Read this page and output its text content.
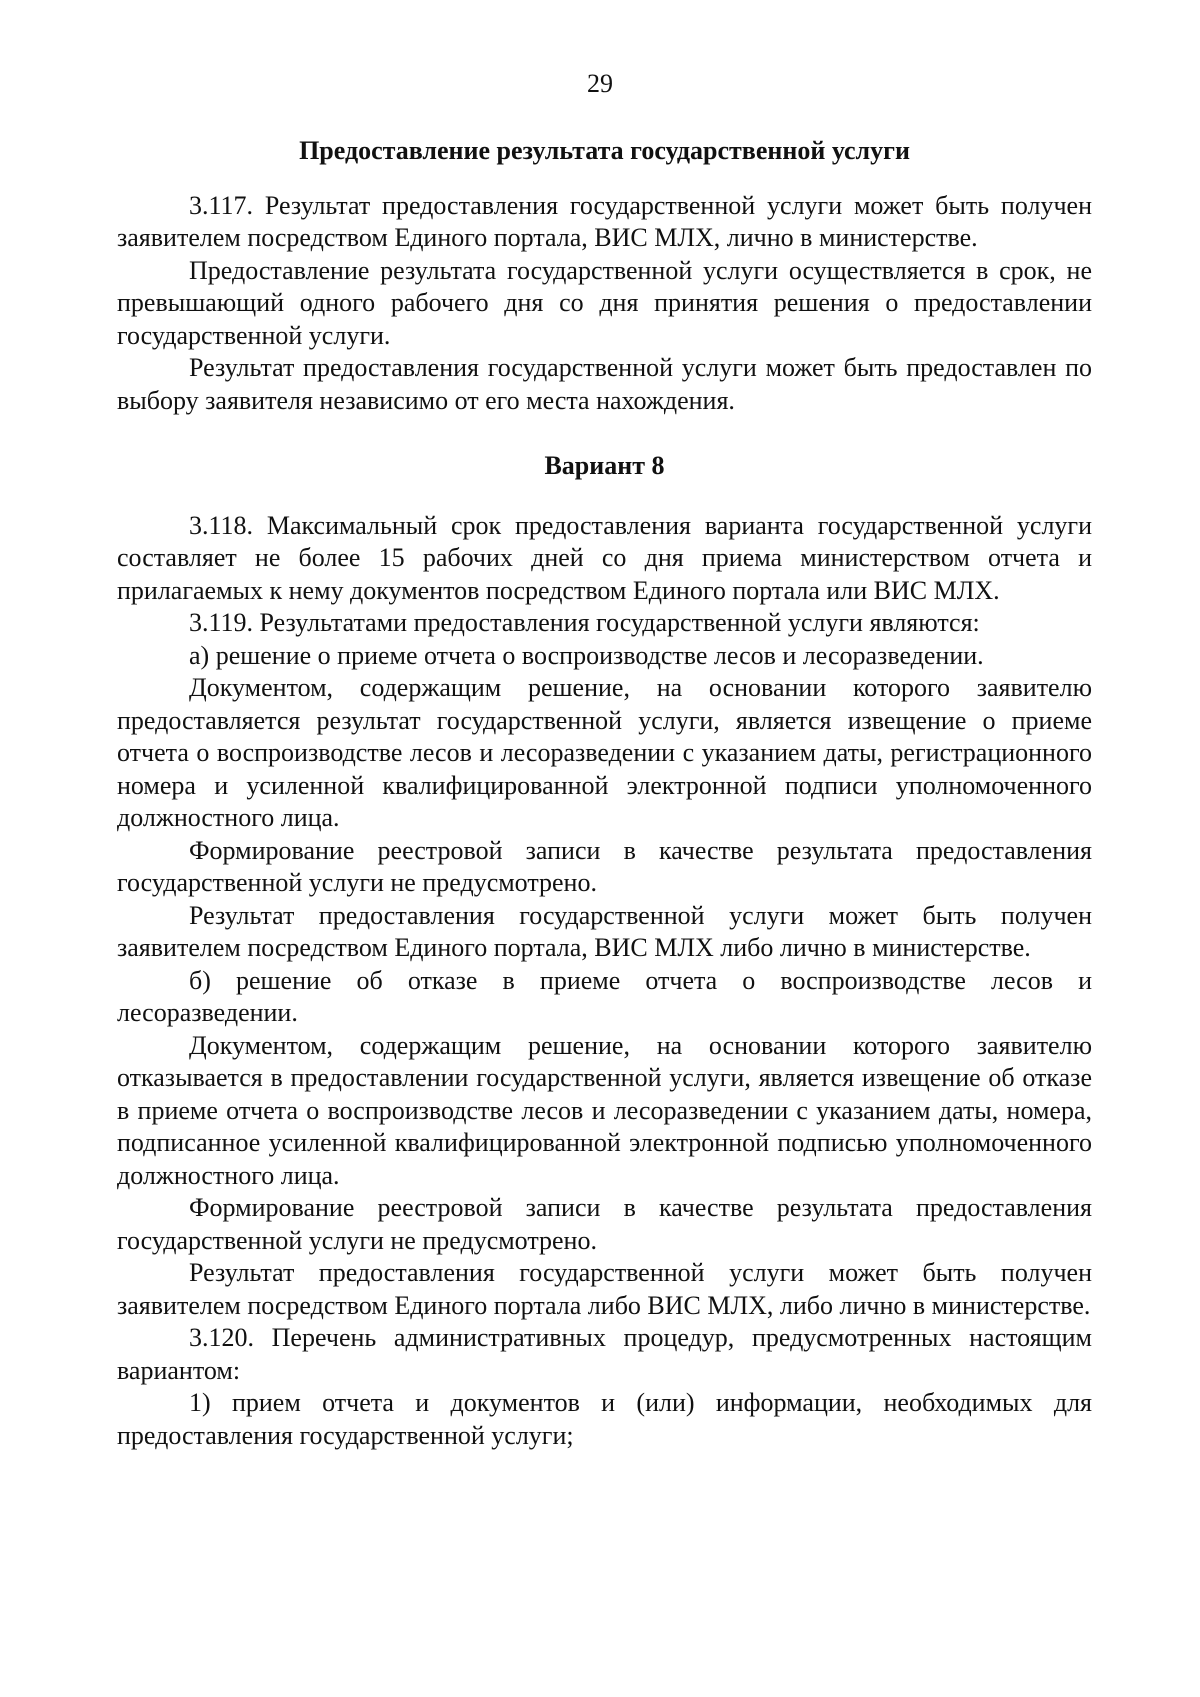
29

Предоставление результата государственной услуги

3.117. Результат предоставления государственной услуги может быть получен заявителем посредством Единого портала, ВИС МЛХ, лично в министерстве.

Предоставление результата государственной услуги осуществляется в срок, не превышающий одного рабочего дня со дня принятия решения о предоставлении государственной услуги.

Результат предоставления государственной услуги может быть предоставлен по выбору заявителя независимо от его места нахождения.

Вариант 8

3.118. Максимальный срок предоставления варианта государственной услуги составляет не более 15 рабочих дней со дня приема министерством отчета и прилагаемых к нему документов посредством Единого портала или ВИС МЛХ.

3.119. Результатами предоставления государственной услуги являются:

а) решение о приеме отчета о воспроизводстве лесов и лесоразведении.

Документом, содержащим решение, на основании которого заявителю предоставляется результат государственной услуги, является извещение о приеме отчета о воспроизводстве лесов и лесоразведении с указанием даты, регистрационного номера и усиленной квалифицированной электронной подписи уполномоченного должностного лица.

Формирование реестровой записи в качестве результата предоставления государственной услуги не предусмотрено.

Результат предоставления государственной услуги может быть получен заявителем посредством Единого портала, ВИС МЛХ либо лично в министерстве.

б) решение об отказе в приеме отчета о воспроизводстве лесов и лесоразведении.

Документом, содержащим решение, на основании которого заявителю отказывается в предоставлении государственной услуги, является извещение об отказе в приеме отчета о воспроизводстве лесов и лесоразведении с указанием даты, номера, подписанное усиленной квалифицированной электронной подписью уполномоченного должностного лица.

Формирование реестровой записи в качестве результата предоставления государственной услуги не предусмотрено.

Результат предоставления государственной услуги может быть получен заявителем посредством Единого портала либо ВИС МЛХ, либо лично в министерстве.

3.120. Перечень административных процедур, предусмотренных настоящим вариантом:

1) прием отчета и документов и (или) информации, необходимых для предоставления государственной услуги;
